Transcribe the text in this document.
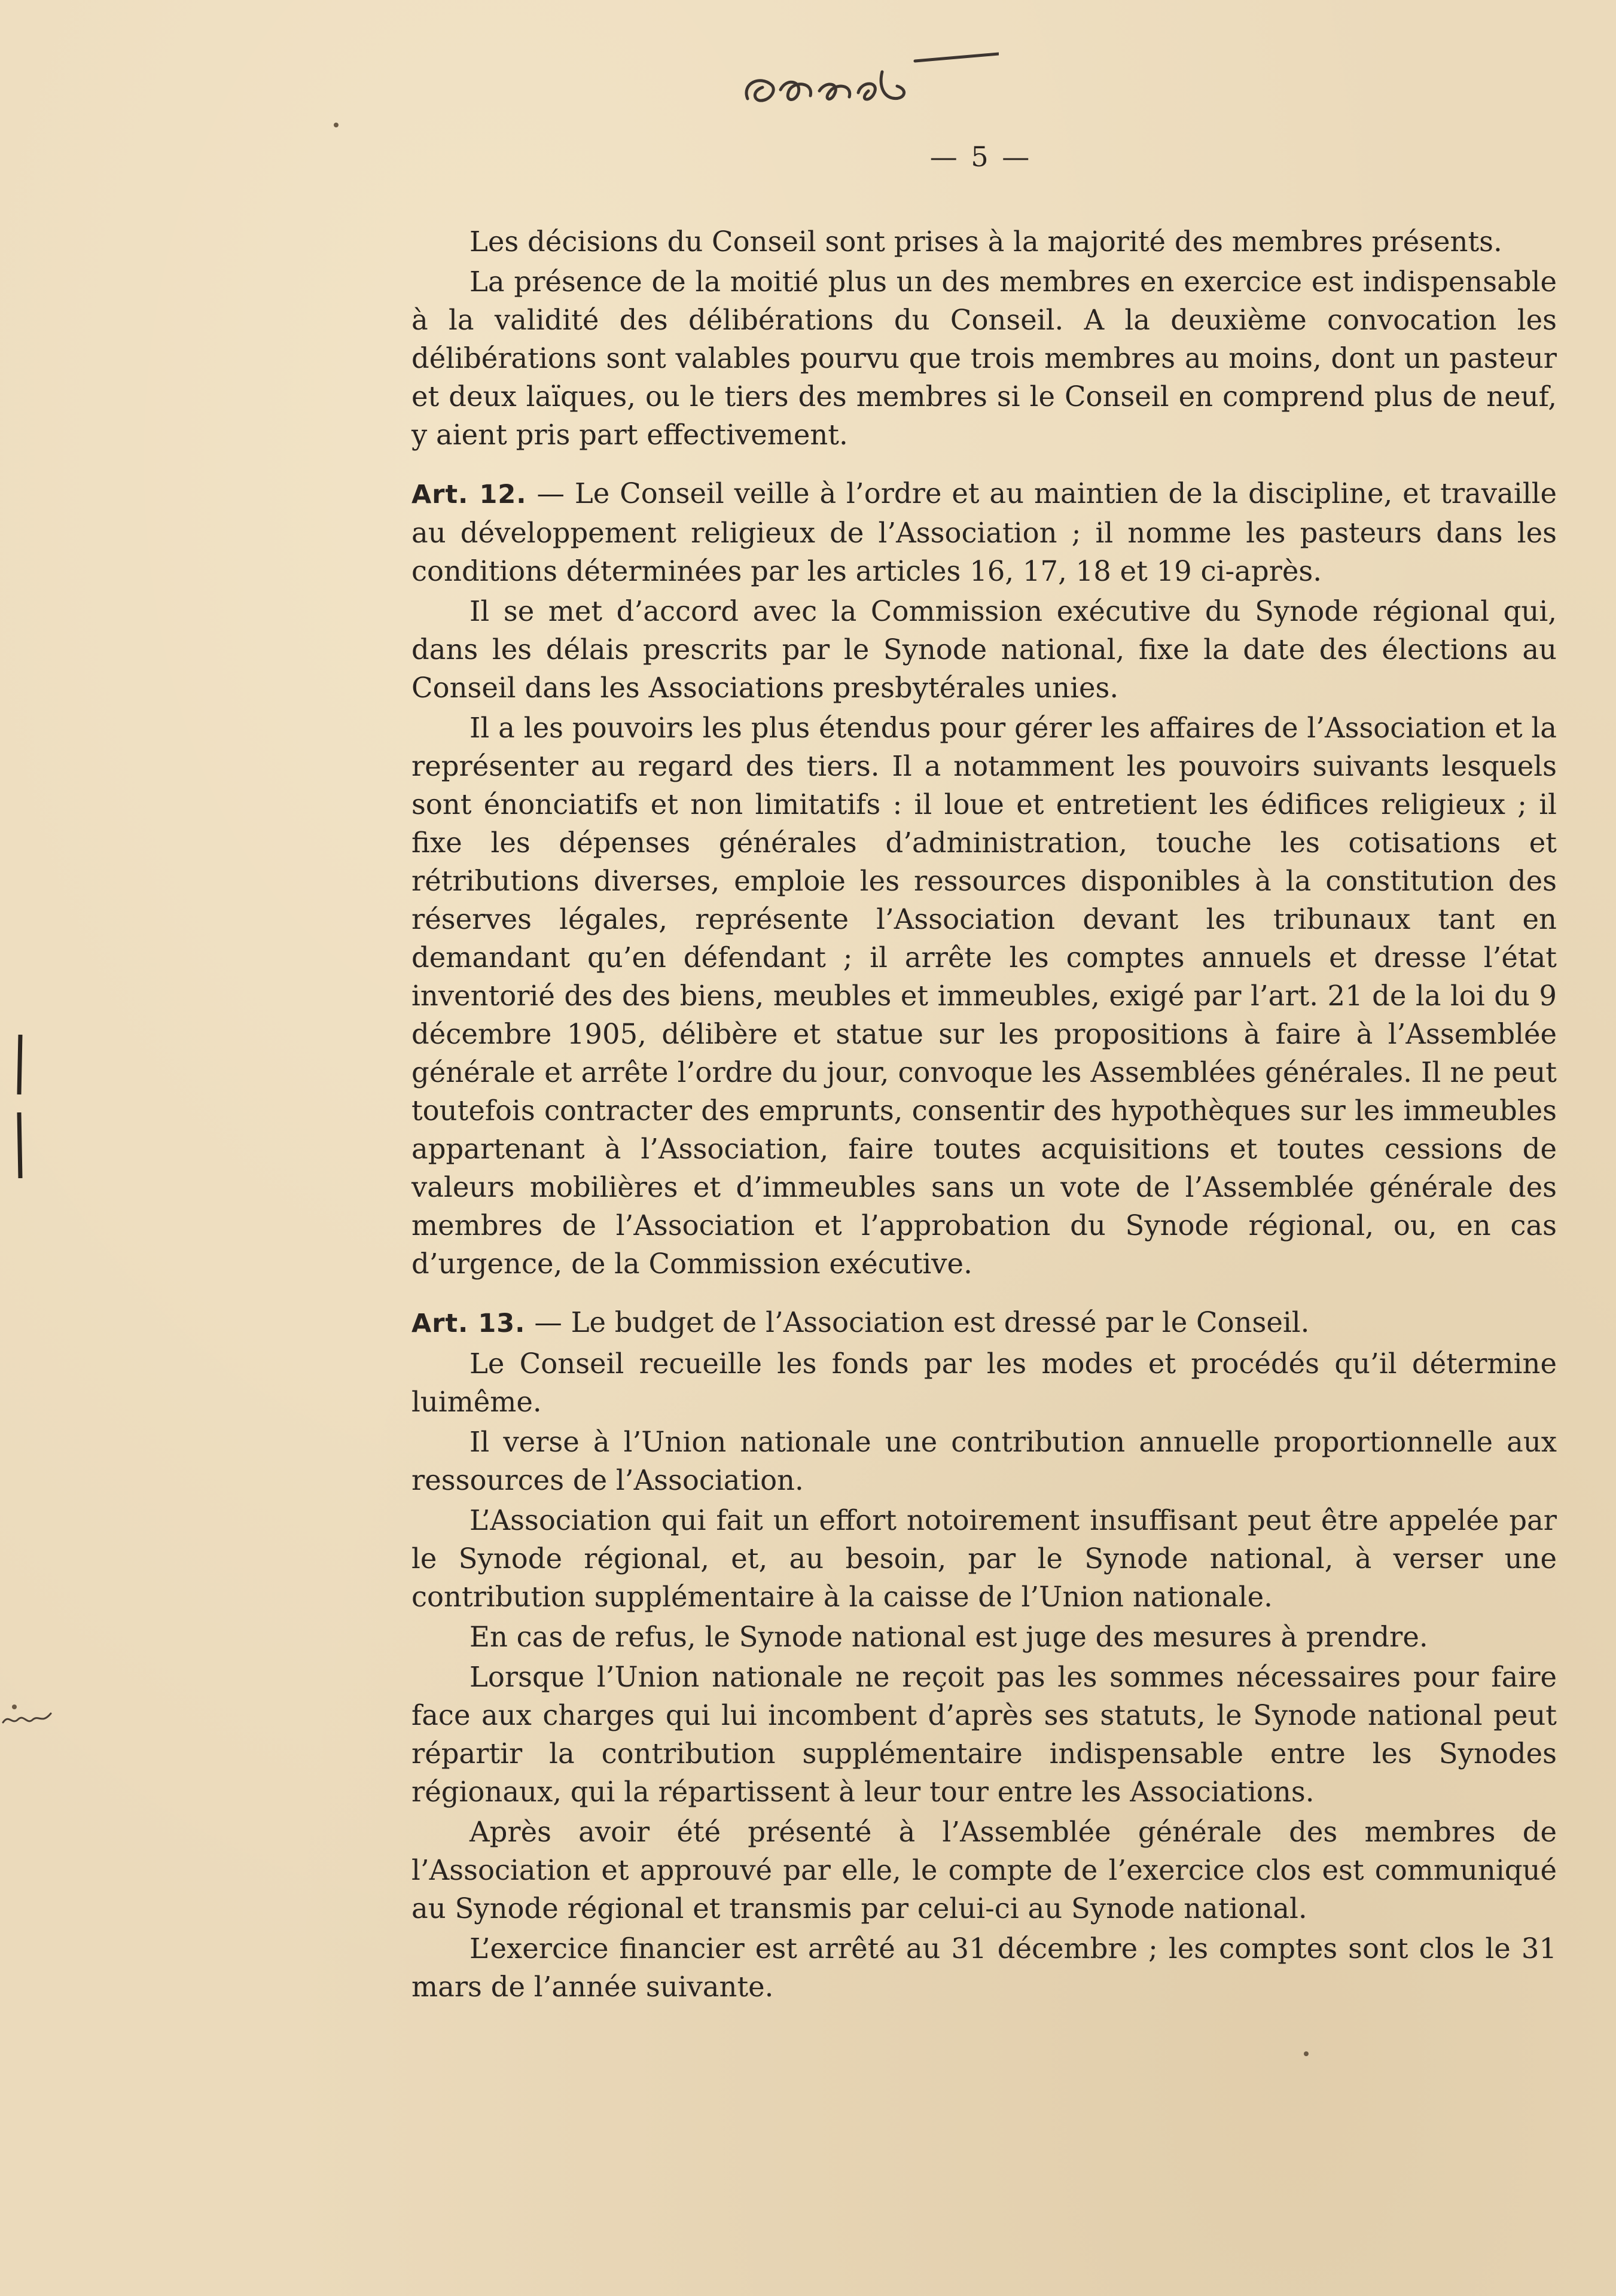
— 5 —

Les décisions du Conseil sont prises à la majorité des membres présents.

La présence de la moitié plus un des membres en exercice est indispensable à la validité des délibérations du Conseil. A la deuxième convocation les délibérations sont valables pourvu que trois membres au moins, dont un pasteur et deux laïques, ou le tiers des membres si le Conseil en comprend plus de neuf, y aient pris part effectivement.

Art. 12. — Le Conseil veille à l’ordre et au maintien de la discipline, et travaille au développement religieux de l’Association ; il nomme les pasteurs dans les conditions déterminées par les articles 16, 17, 18 et 19 ci-après.

Il se met d’accord avec la Commission exécutive du Synode régional qui, dans les délais prescrits par le Synode national, fixe la date des élections au Conseil dans les Associations presbytérales unies.

Il a les pouvoirs les plus étendus pour gérer les affaires de l’Association et la représenter au regard des tiers. Il a notamment les pouvoirs suivants lesquels sont énonciatifs et non limitatifs : il loue et entretient les édifices religieux ; il fixe les dépenses générales d’administration, touche les cotisations et rétributions diverses, emploie les ressources disponibles à la constitution des réserves légales, représente l’Association devant les tribunaux tant en demandant qu’en défendant ; il arrête les comptes annuels et dresse l’état inventorié des des biens, meubles et immeubles, exigé par l’art. 21 de la loi du 9 décembre 1905, délibère et statue sur les propositions à faire à l’Assemblée générale et arrête l’ordre du jour, convoque les Assemblées générales. Il ne peut toutefois contracter des emprunts, consentir des hypothèques sur les immeubles appartenant à l’Association, faire toutes acquisitions et toutes cessions de valeurs mobilières et d’immeubles sans un vote de l’Assemblée générale des membres de l’Association et l’approbation du Synode régional, ou, en cas d’urgence, de la Commission exécutive.

Art. 13. — Le budget de l’Association est dressé par le Conseil.

Le Conseil recueille les fonds par les modes et procédés qu’il détermine luimême.

Il verse à l’Union nationale une contribution annuelle proportionnelle aux ressources de l’Association.

L’Association qui fait un effort notoirement insuffisant peut être appelée par le Synode régional, et, au besoin, par le Synode national, à verser une contribution supplémentaire à la caisse de l’Union nationale.

En cas de refus, le Synode national est juge des mesures à prendre.

Lorsque l’Union nationale ne reçoit pas les sommes nécessaires pour faire face aux charges qui lui incombent d’après ses statuts, le Synode national peut répartir la contribution supplémentaire indispensable entre les Synodes régionaux, qui la répartissent à leur tour entre les Associations.

Après avoir été présenté à l’Assemblée générale des membres de l’Association et approuvé par elle, le compte de l’exercice clos est communiqué au Synode régional et transmis par celui-ci au Synode national.

L’exercice financier est arrêté au 31 décembre ; les comptes sont clos le 31 mars de l’année suivante.
